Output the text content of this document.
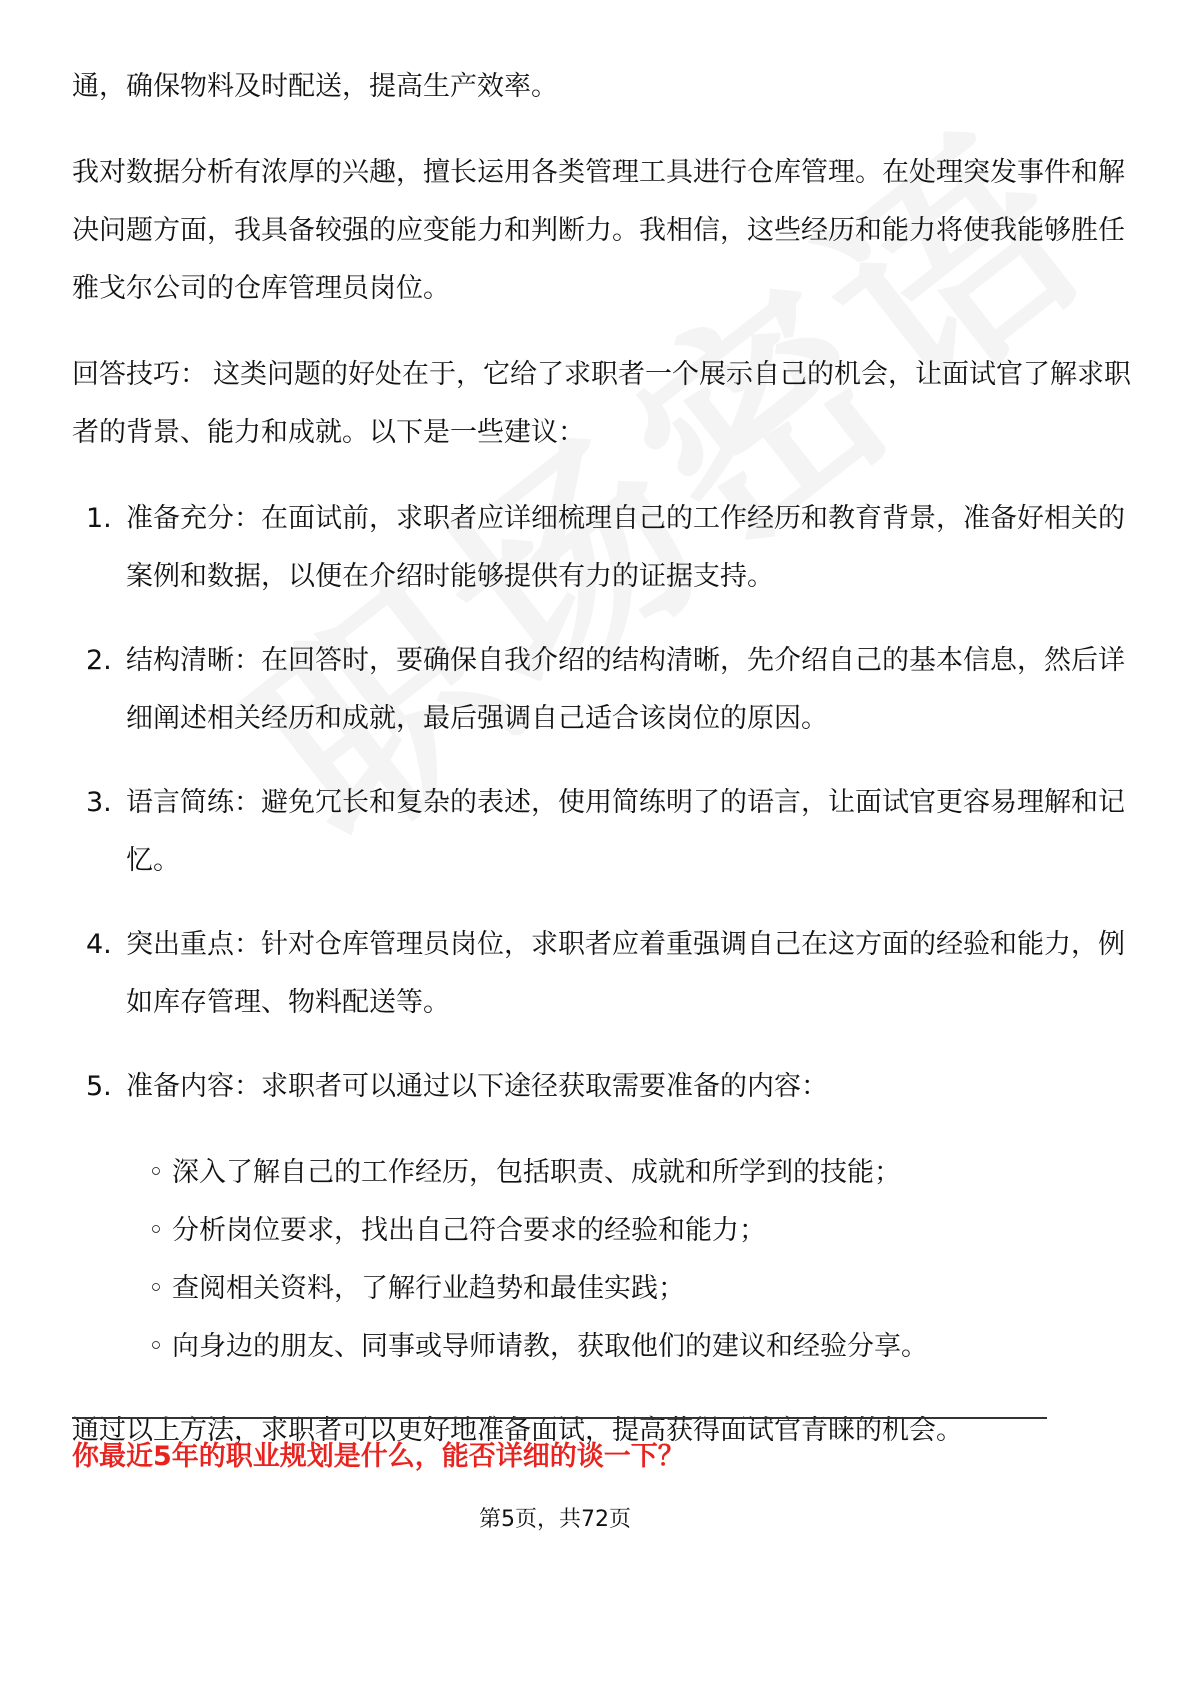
通，确保物料及时配送，提高生产效率。

我对数据分析有浓厚的兴趣，擅长运用各类管理工具进行仓库管理。在处理突发事件和解决问题方面，我具备较强的应变能力和判断力。我相信，这些经历和能力将使我能够胜任雅戈尔公司的仓库管理员岗位。

回答技巧： 这类问题的好处在于，它给了求职者一个展示自己的机会，让面试官了解求职者的背景、能力和成就。以下是一些建议：

1. 准备充分：在面试前，求职者应详细梳理自己的工作经历和教育背景，准备好相关的案例和数据，以便在介绍时能够提供有力的证据支持。
2. 结构清晰：在回答时，要确保自我介绍的结构清晰，先介绍自己的基本信息，然后详细阐述相关经历和成就，最后强调自己适合该岗位的原因。
3. 语言简练：避免冗长和复杂的表述，使用简练明了的语言，让面试官更容易理解和记忆。
4. 突出重点：针对仓库管理员岗位，求职者应着重强调自己在这方面的经验和能力，例如库存管理、物料配送等。
5. 准备内容：求职者可以通过以下途径获取需要准备的内容：
◦ 深入了解自己的工作经历，包括职责、成就和所学到的技能；
◦ 分析岗位要求，找出自己符合要求的经验和能力；
◦ 查阅相关资料，了解行业趋势和最佳实践；
◦ 向身边的朋友、同事或导师请教，获取他们的建议和经验分享。

通过以上方法，求职者可以更好地准备面试，提高获得面试官青睐的机会。

你最近5年的职业规划是什么，能否详细的谈一下？
第5页，共72页
